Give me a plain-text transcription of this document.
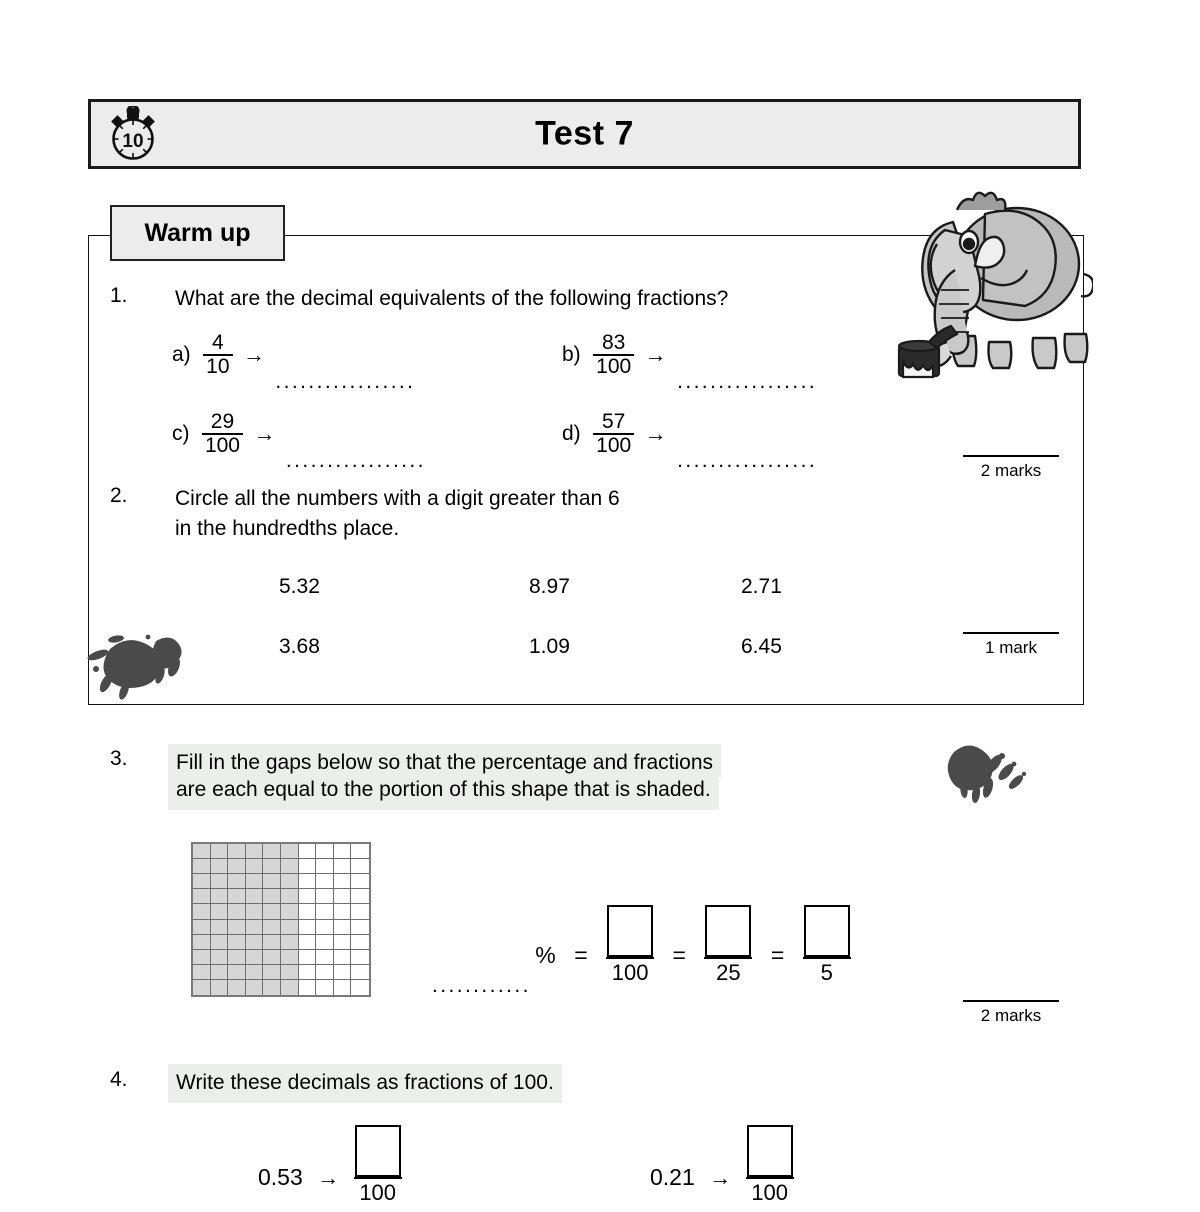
10	Test 7
Warm up
1. What are the decimal equivalents of the following fractions?
$a) \frac{4}{10}$ → .................
$b) \frac{83}{100}$ → .................
$c) \frac{29}{100}$ → .................
$d) \frac{57}{100}$ → .................	2 marks
2. Circle all the numbers with a digit greater than 6
in the hundredths place.
5.32	8.97	2.71
3.68	1.09	6.45	1 mark
3.	Fill in the gaps below so that the percentage and fractions
are each equal to the portion of this shape that is shaded.
............ % =
100
=
25
=
5
2 marks
4.	Write these decimals as fractions of 100.
0.53 →
100
0.21 →
100
